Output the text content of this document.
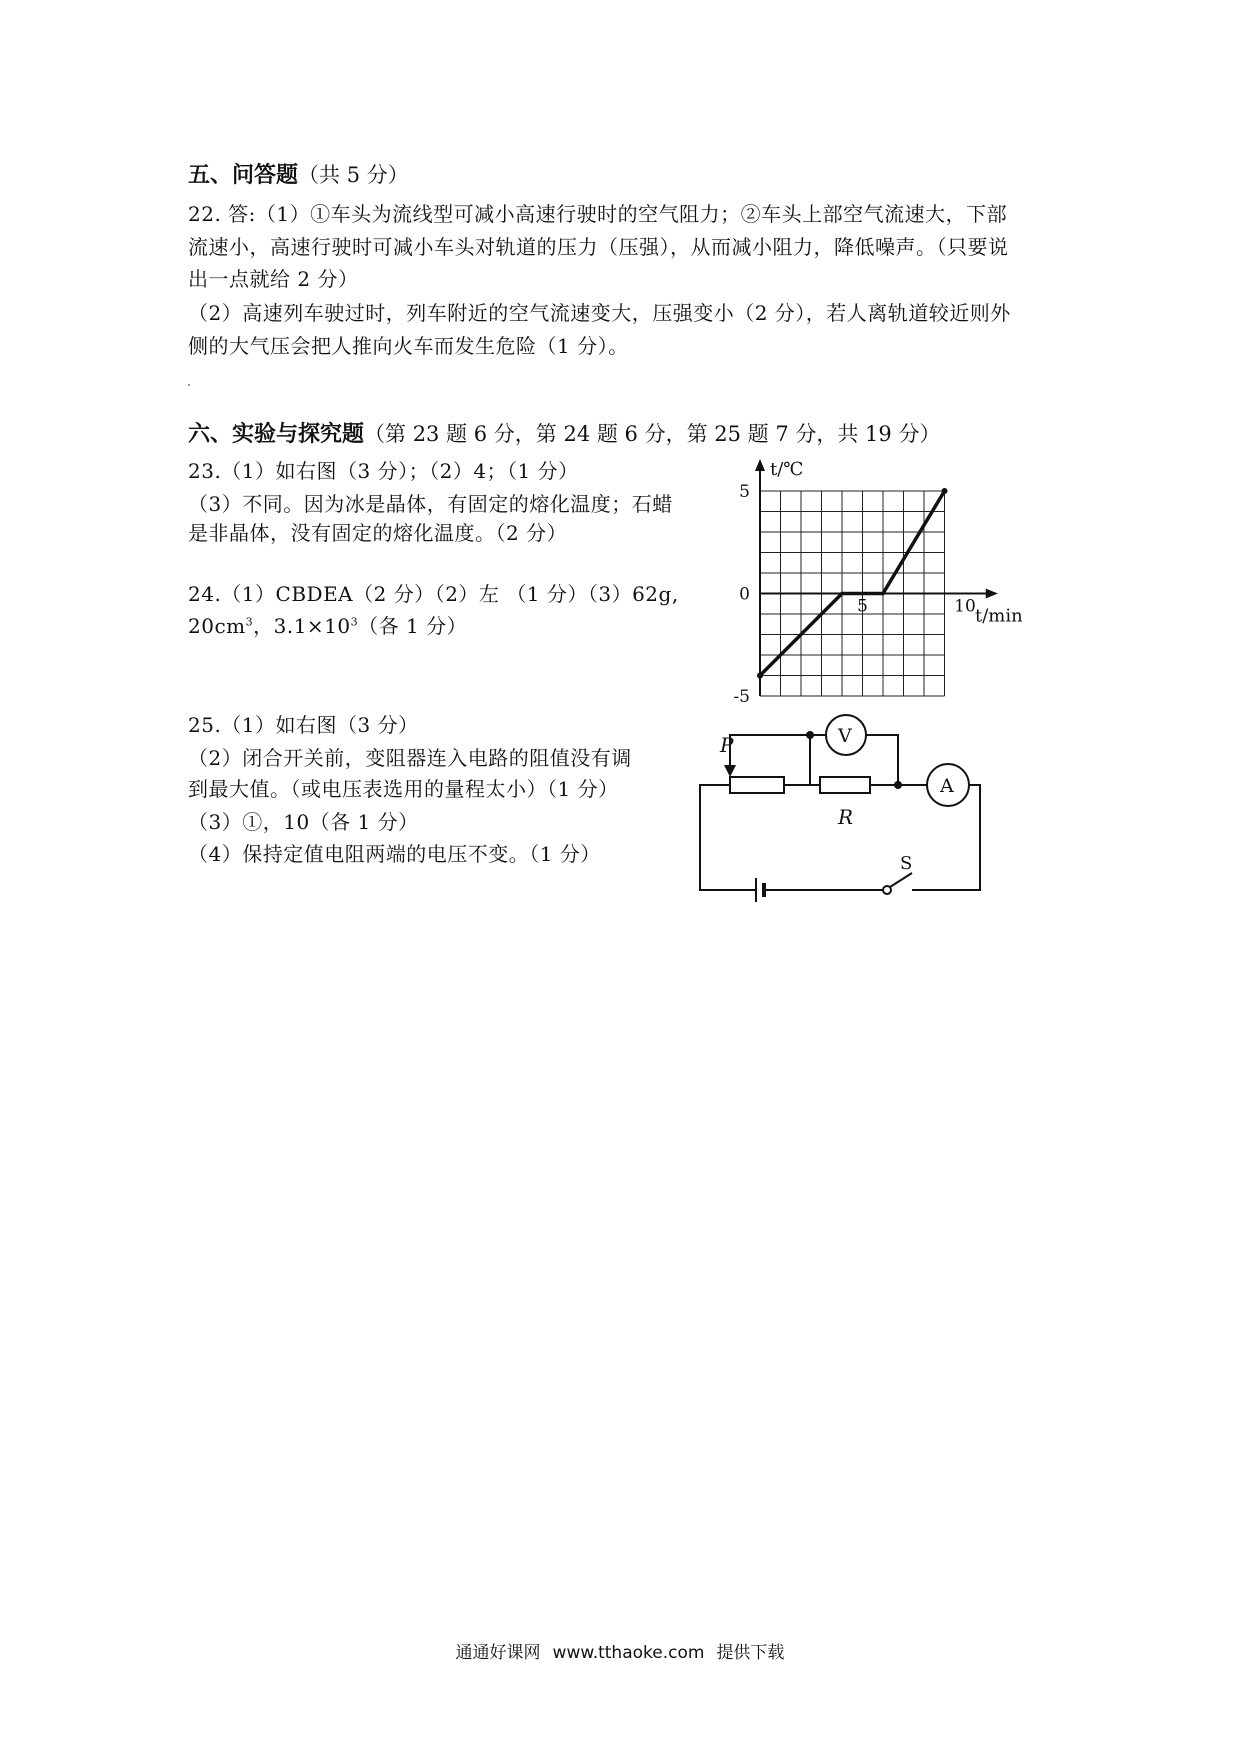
五、问答题（共 5 分）
22. 答:（1）①车头为流线型可减小高速行驶时的空气阻力；②车头上部空气流速大，下部
流速小，高速行驶时可减小车头对轨道的压力（压强），从而减小阻力，降低噪声。（只要说
出一点就给 2 分）
（2）高速列车驶过时，列车附近的空气流速变大，压强变小（2 分），若人离轨道较近则外
侧的大气压会把人推向火车而发生危险（1 分）。
六、实验与探究题（第 23 题 6 分，第 24 题 6 分，第 25 题 7 分，共 19 分）
23.（1）如右图（3 分）；（2）4；（1 分）
（3）不同。因为冰是晶体，有固定的熔化温度；石蜡
是非晶体，没有固定的熔化温度。（2 分）
24.（1）CBDEA（2 分）（2）左 （1 分）（3）62g,
$20cm^3$，$3.1\times 10^3$（各 1 分）
25.（1）如右图（3 分）
（2）闭合开关前，变阻器连入电路的阻值没有调
到最大值。（或电压表选用的量程太小）（1 分）
（3）①，10（各 1 分）
（4）保持定值电阻两端的电压不变。（1 分）
5
0
-5
5	10
t/℃
t/min
P	V
A
R
S
通通好课网 www.tthaoke.com 提供下载
